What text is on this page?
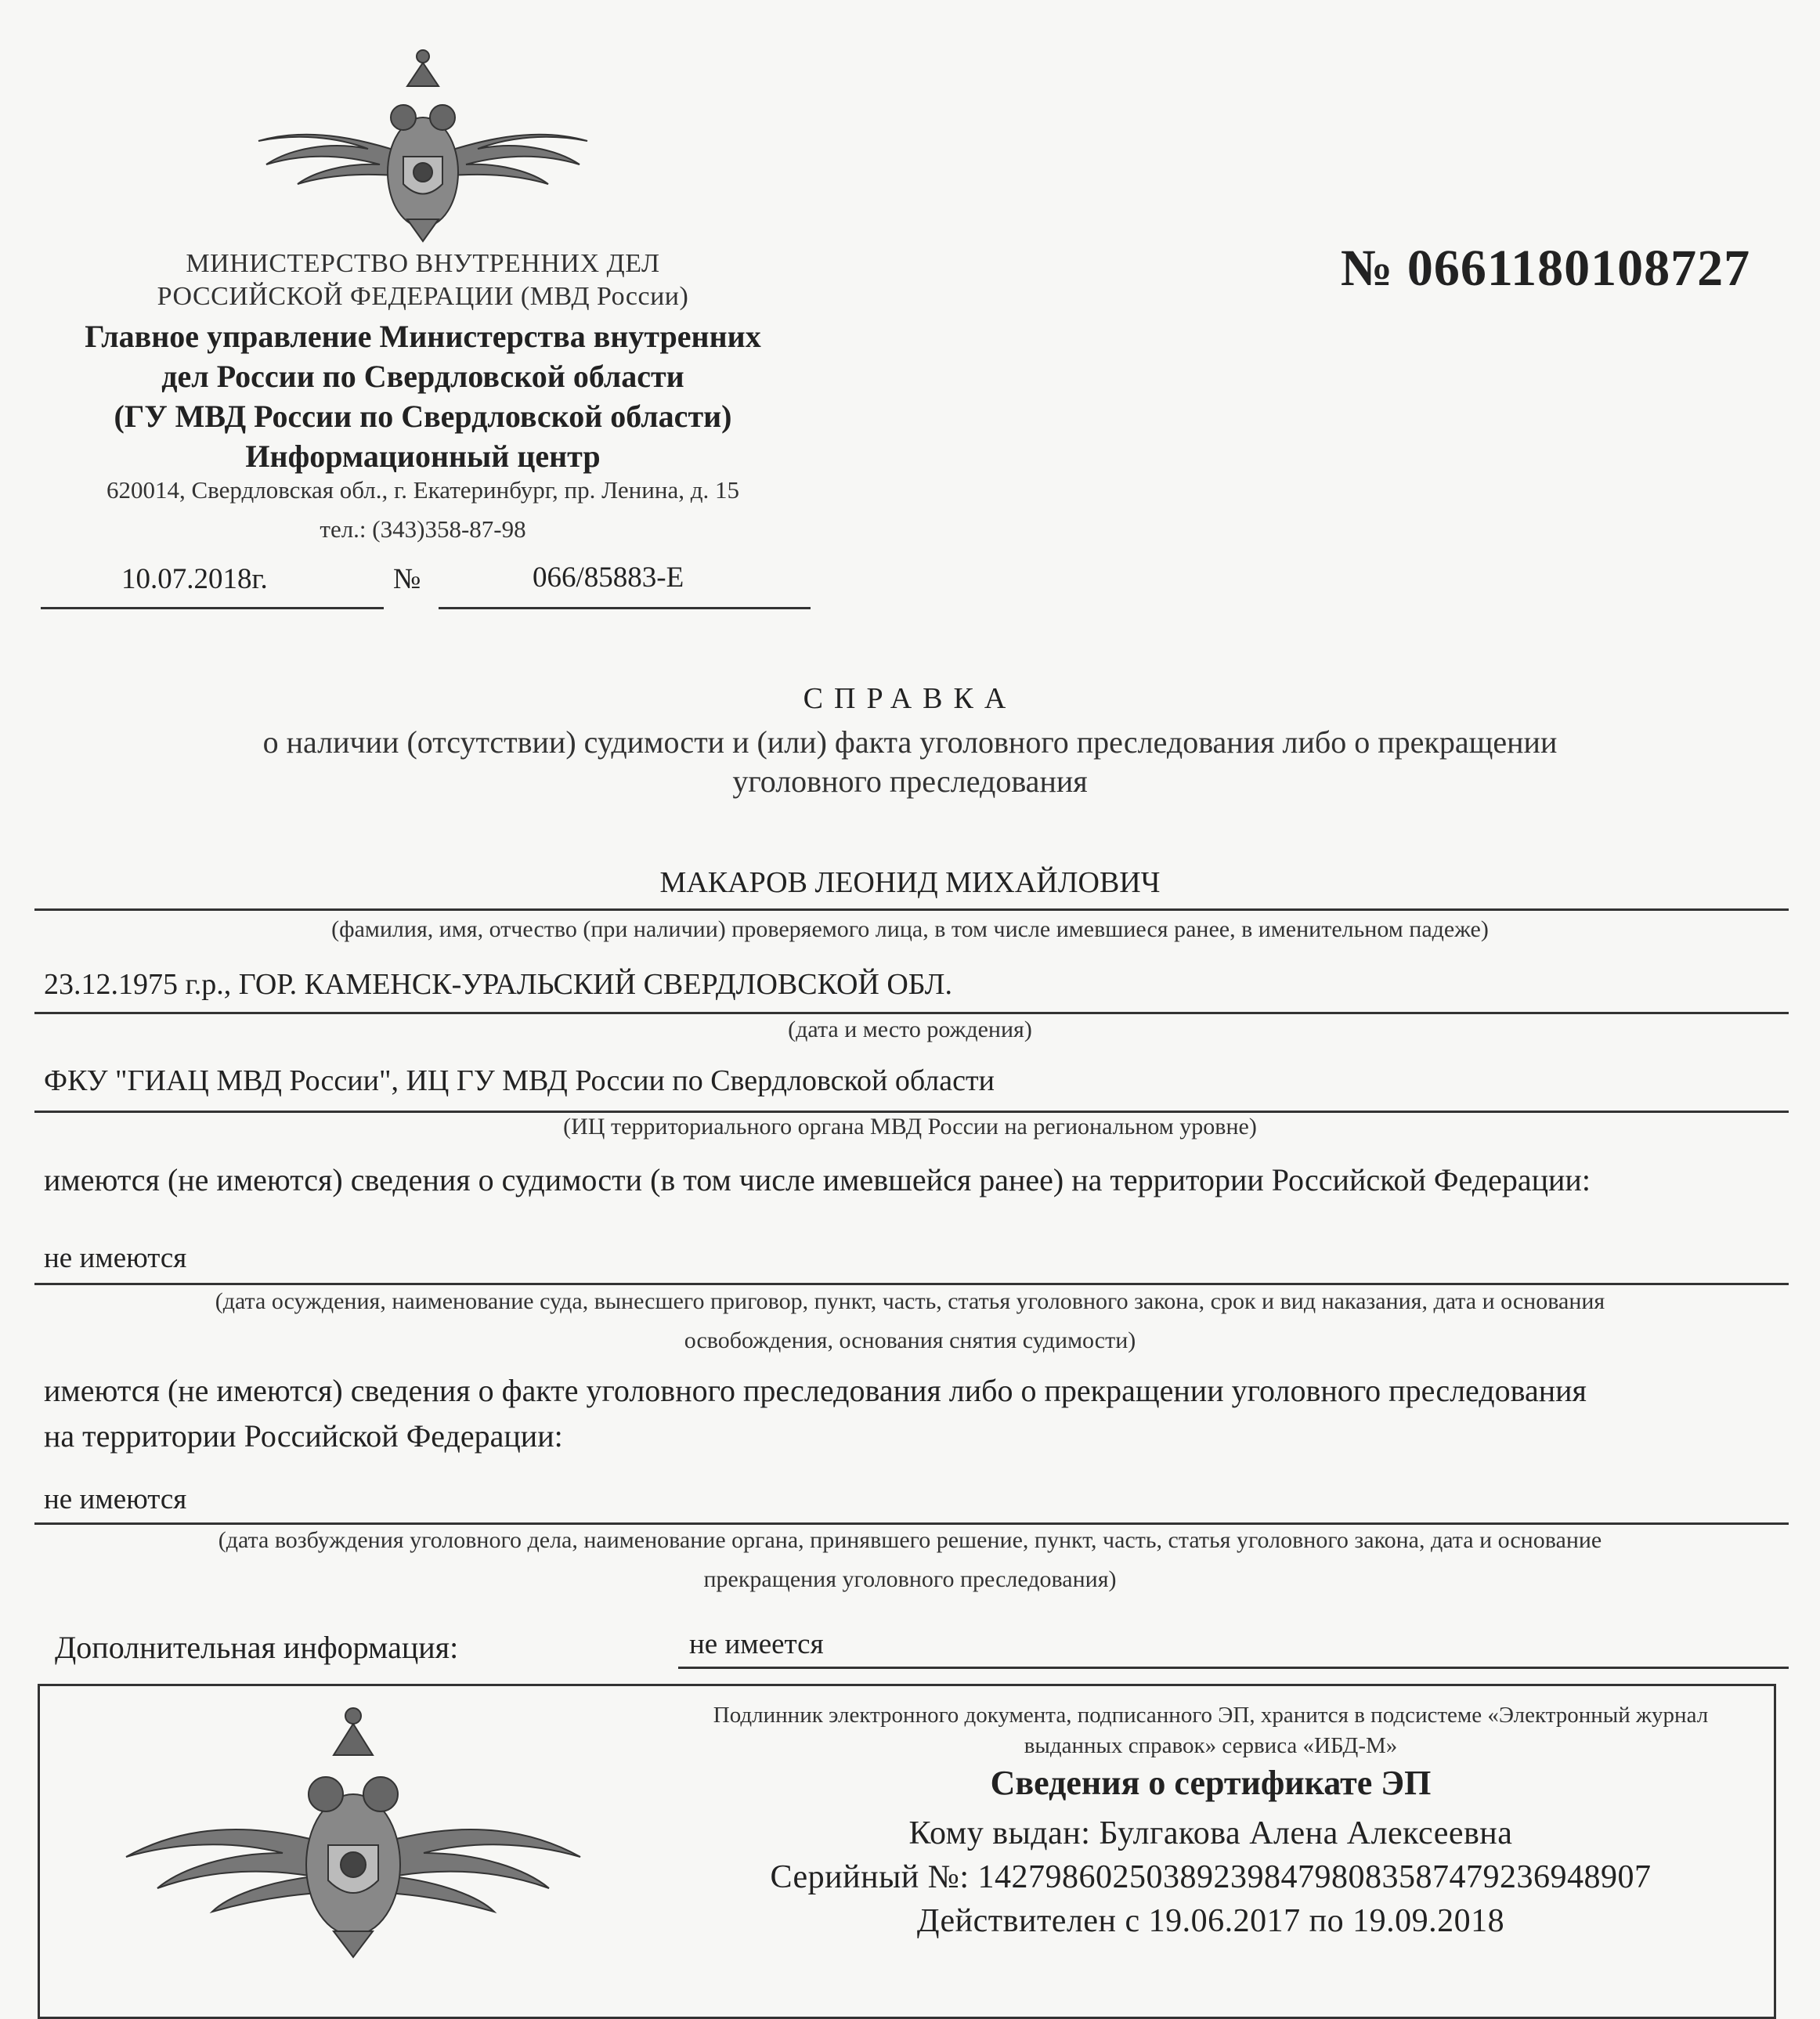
МИНИСТЕРСТВО ВНУТРЕННИХ ДЕЛ
РОССИЙСКОЙ ФЕДЕРАЦИИ (МВД России)
Главное управление Министерства внутренних
дел России по Свердловской области
(ГУ МВД России по Свердловской области)
Информационный центр
620014, Свердловская обл., г. Екатеринбург, пр. Ленина, д. 15
тел.: (343)358-87-98
10.07.2018г.	№	066/85883-Е
№ 0661180108727
СПРАВКА
о наличии (отсутствии) судимости и (или) факта уголовного преследования либо о прекращении
уголовного преследования
МАКАРОВ ЛЕОНИД МИХАЙЛОВИЧ
(фамилия, имя, отчество (при наличии) проверяемого лица, в том числе имевшиеся ранее, в именительном падеже)
23.12.1975 г.р., ГОР. КАМЕНСК-УРАЛЬСКИЙ СВЕРДЛОВСКОЙ ОБЛ.
(дата и место рождения)
ФКУ "ГИАЦ МВД России", ИЦ ГУ МВД России по Свердловской области
(ИЦ территориального органа МВД России на региональном уровне)
имеются (не имеются) сведения о судимости (в том числе имевшейся ранее) на территории Российской Федерации:
не имеются
(дата осуждения, наименование суда, вынесшего приговор, пункт, часть, статья уголовного закона, срок и вид наказания, дата и основания
освобождения, основания снятия судимости)
имеются (не имеются) сведения о факте уголовного преследования либо о прекращении уголовного преследования
на территории Российской Федерации:
не имеются
(дата возбуждения уголовного дела, наименование органа, принявшего решение, пункт, часть, статья уголовного закона, дата и основание
прекращения уголовного преследования)
Дополнительная информация:	не имеется
Подлинник электронного документа, подписанного ЭП, хранится в подсистеме «Электронный журнал
выданных справок» сервиса «ИБД-М»
Сведения о сертификате ЭП
Кому выдан: Булгакова Алена Алексеевна
Серийный №: 142798602503892398479808358747923694890​7
Действителен с 19.06.2017 по 19.09.2018
